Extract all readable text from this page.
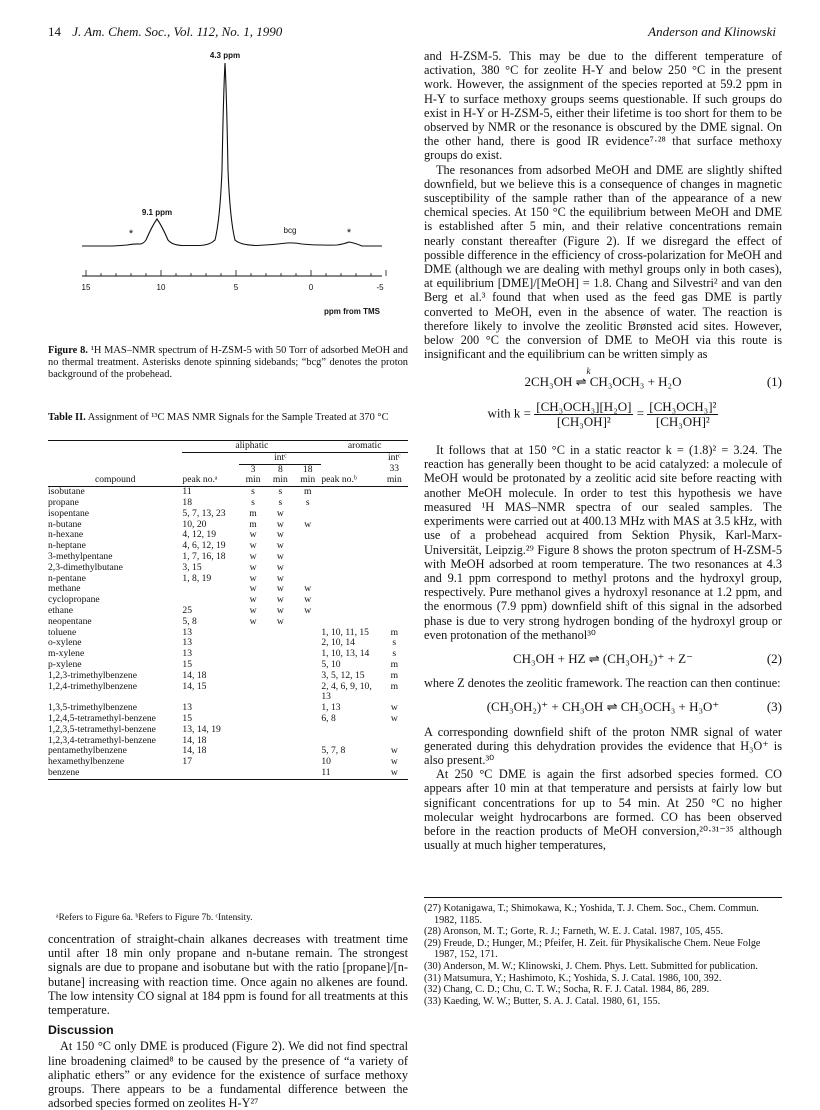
14 J. Am. Chem. Soc., Vol. 112, No. 1, 1990	Anderson and Klinowski
4.3 ppm
9.1 ppm
bcg
*	*
15	10	5	0	-5
ppm from TMS
Figure 8. ¹H MAS–NMR spectrum of H-ZSM-5 with 50 Torr of adsorbed MeOH and no thermal treatment. Asterisks denote spinning sidebands; “bcg” denotes the proton background of the probehead.
Table II. Assignment of ¹³C MAS NMR Signals for the Sample Treated at 370 °C
	aliphatic				aromatic	
		intᶜ				intᶜ
		3	8	18		33
compound	peak no.ᵃ	min	min	min	peak no.ᵇ	min
isobutane	11	s	s	m		
propane	18	s	s	s		
isopentane	5, 7, 13, 23	m	w			
n-butane	10, 20	m	w	w		
n-hexane	4, 12, 19	w	w			
n-heptane	4, 6, 12, 19	w	w			
3-methylpentane	1, 7, 16, 18	w	w			
2,3-dimethylbutane	3, 15	w	w			
n-pentane	1, 8, 19	w	w			
methane		w	w	w		
cyclopropane		w	w	w		
ethane	25	w	w	w		
neopentane	5, 8	w	w			
toluene	13				1, 10, 11, 15	m
o-xylene	13				2, 10, 14	s
m-xylene	13				1, 10, 13, 14	s
p-xylene	15				5, 10	m
1,2,3-trimethylbenzene	14, 18				3, 5, 12, 15	m
1,2,4-trimethylbenzene	14, 15				2, 4, 6, 9, 10, 13	m
1,3,5-trimethylbenzene	13				1, 13	w
1,2,4,5-tetramethyl-benzene	15				6, 8	w
1,2,3,5-tetramethyl-benzene	13, 14, 19					
1,2,3,4-tetramethyl-benzene	14, 18					
pentamethylbenzene	14, 18				5, 7, 8	w
hexamethylbenzene	17				10	w
benzene					11	w
ᵃRefers to Figure 6a. ᵇRefers to Figure 7b. ᶜIntensity.

concentration of straight-chain alkanes decreases with treatment time until after 18 min only propane and n-butane remain. The strongest signals are due to propane and isobutane but with the ratio [propane]/[n-butane] increasing with reaction time. Once again no alkenes are found. The low intensity CO signal at 184 ppm is found for all treatments at this temperature.

Discussion

At 150 °C only DME is produced (Figure 2). We did not find spectral line broadening claimed⁸ to be caused by the presence of “a variety of aliphatic ethers” or any evidence for the existence of surface methoxy groups. There appears to be a fundamental difference between the adsorbed species formed on zeolites H-Y²⁷

and H-ZSM-5. This may be due to the different temperature of activation, 380 °C for zeolite H-Y and below 250 °C in the present work. However, the assignment of the species reported at 59.2 ppm in H-Y to surface methoxy groups seems questionable. If such groups do exist in H-Y or H-ZSM-5, either their lifetime is too short for them to be observed by NMR or the resonance is obscured by the DME signal. On the other hand, there is good IR evidence⁷·²⁸ that surface methoxy groups do exist.

The resonances from adsorbed MeOH and DME are slightly shifted downfield, but we believe this is a consequence of changes in magnetic susceptibility of the sample rather than of the appearance of a new chemical species. At 150 °C the equilibrium between MeOH and DME is established after 5 min, and their relative concentrations remain nearly constant thereafter (Figure 2). If we disregard the effect of possible difference in the efficiency of cross-polarization for MeOH and DME (although we are dealing with methyl groups only in both cases), at equilibrium [DME]/[MeOH] = 1.8. Chang and Silvestri² and van den Berg et al.³ found that when used as the feed gas DME is partly converted to MeOH, even in the absence of water. The reaction is therefore likely to involve the zeolitic Brønsted acid sites. However, below 200 °C the conversion of DME to MeOH via this route is insignificant and the equilibrium can be written simply as

2CH₃OH ⇌ CH₃OCH₃ + H₂O
k
(1)
with $k = \frac{\text{[CH₃OCH₃][H₂O]}}{\text{[CH₃OH]²}} = \frac{\text{[CH₃OCH₃]²}}{\text{[CH₃OH]²}}$

It follows that at 150 °C in a static reactor k = (1.8)² = 3.24. The reaction has generally been thought to be acid catalyzed: a molecule of MeOH would be protonated by a zeolitic acid site before reacting with another MeOH molecule. In order to test this hypothesis we have measured ¹H MAS–NMR spectra of our sealed samples. The experiments were carried out at 400.13 MHz with MAS at 3.5 kHz, with use of a probehead acquired from Sektion Physik, Karl-Marx-Universität, Leipzig.²⁹ Figure 8 shows the proton spectrum of H-ZSM-5 with MeOH adsorbed at room temperature. The two resonances at 4.3 and 9.1 ppm correspond to methyl protons and the hydroxyl group, respectively. Pure methanol gives a hydroxyl resonance at 1.2 ppm, and the enormous (7.9 ppm) downfield shift of this signal in the adsorbed phase is due to very strong hydrogen bonding of the hydroxyl group or even protonation of the methanol³⁰

CH₃OH + HZ ⇌ (CH₃OH₂)⁺ + Z⁻	(2)

where Z denotes the zeolitic framework. The reaction can then continue:

(CH₃OH₂)⁺ + CH₃OH ⇌ CH₃OCH₃ + H₃O⁺	(3)

A corresponding downfield shift of the proton NMR signal of water generated during this dehydration provides the evidence that H₃O⁺ is also present.³⁰

At 250 °C DME is again the first adsorbed species formed. CO appears after 10 min at that temperature and persists at fairly low but significant concentrations for up to 54 min. At 250 °C no higher molecular weight hydrocarbons are formed. CO has been observed before in the reaction products of MeOH conversion,²⁰·³¹⁻³⁵ although usually at much higher temperatures,

(27) Kotanigawa, T.; Shimokawa, K.; Yoshida, T. J. Chem. Soc., Chem. Commun. 1982, 1185.
(28) Aronson, M. T.; Gorte, R. J.; Farneth, W. E. J. Catal. 1987, 105, 455.
(29) Freude, D.; Hunger, M.; Pfeifer, H. Zeit. für Physikalische Chem. Neue Folge 1987, 152, 171.
(30) Anderson, M. W.; Klinowski, J. Chem. Phys. Lett. Submitted for publication.
(31) Matsumura, Y.; Hashimoto, K.; Yoshida, S. J. Catal. 1986, 100, 392.
(32) Chang, C. D.; Chu, C. T. W.; Socha, R. F. J. Catal. 1984, 86, 289.
(33) Kaeding, W. W.; Butter, S. A. J. Catal. 1980, 61, 155.
